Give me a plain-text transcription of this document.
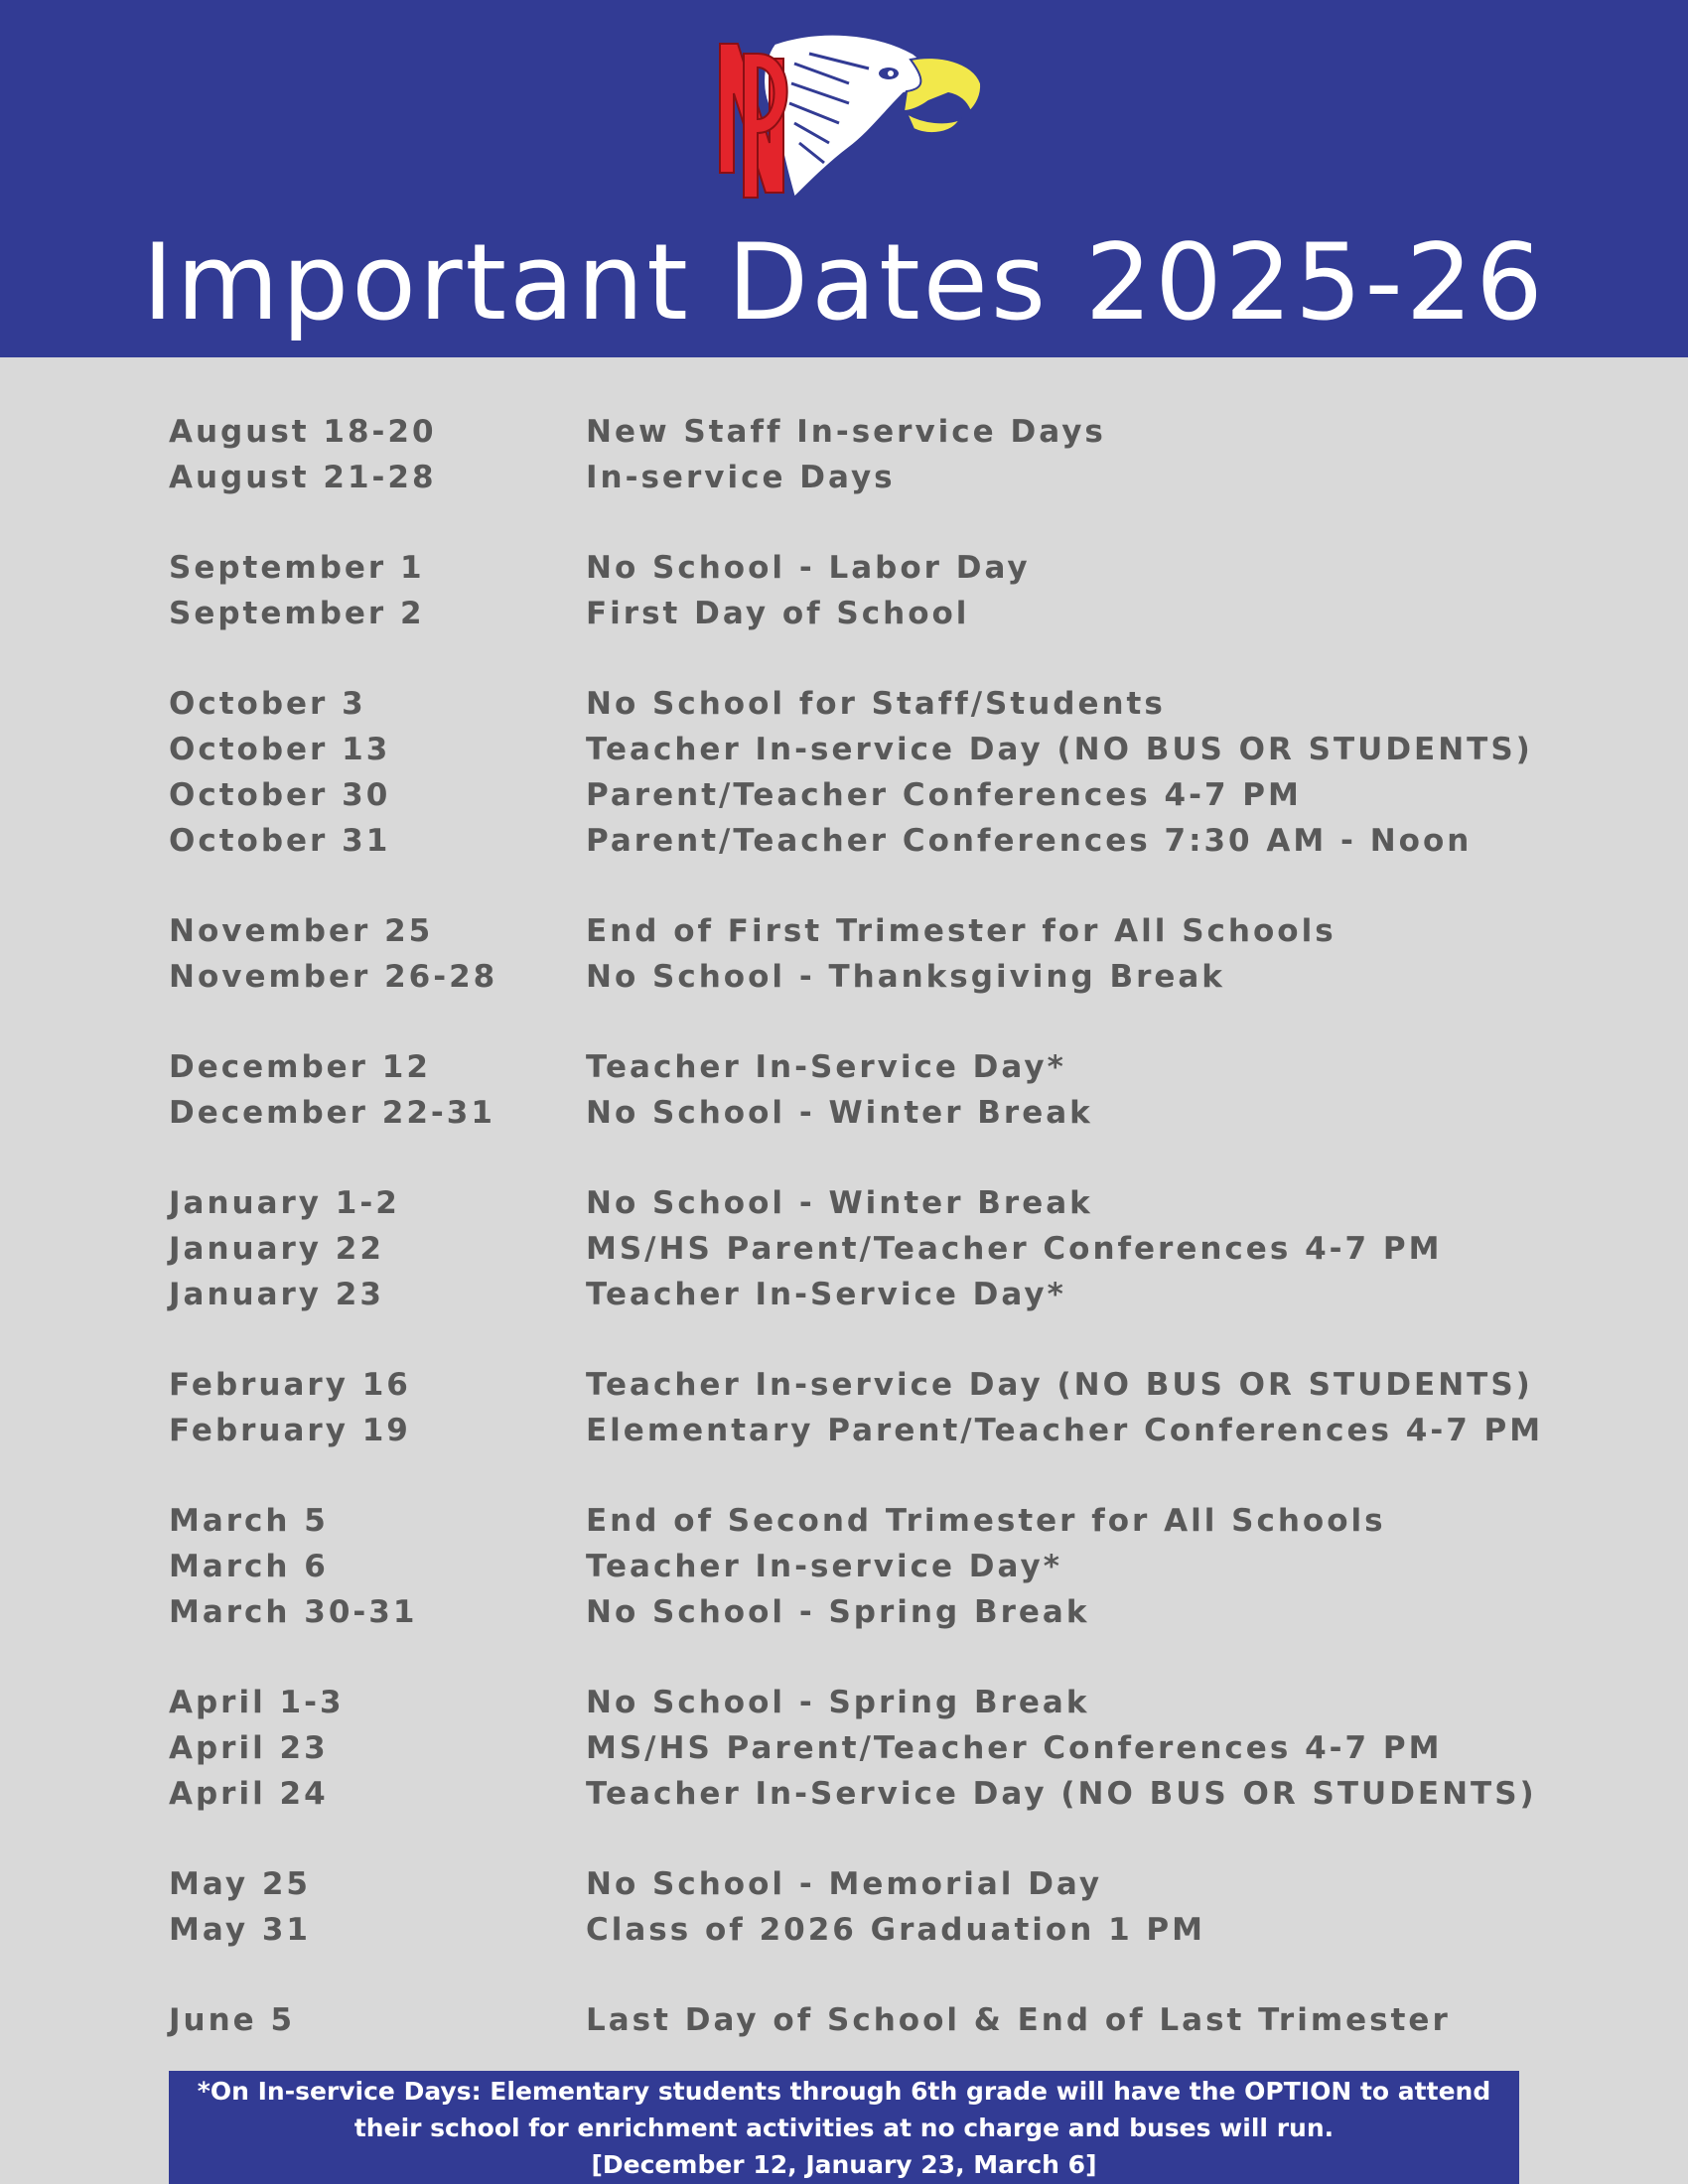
Important Dates 2025-26
August 18-20	New Staff In-service Days
August 21-28	In-service Days
September 1	No School - Labor Day
September 2	First Day of School
October 3	No School for Staff/Students
October 13	Teacher In-service Day (NO BUS OR STUDENTS)
October 30	Parent/Teacher Conferences 4-7 PM
October 31	Parent/Teacher Conferences 7:30 AM - Noon
November 25	End of First Trimester for All Schools
November 26-28	No School - Thanksgiving Break
December 12	Teacher In-Service Day*
December 22-31	No School - Winter Break
January 1-2	No School - Winter Break
January 22	MS/HS Parent/Teacher Conferences 4-7 PM
January 23	Teacher In-Service Day*
February 16	Teacher In-service Day (NO BUS OR STUDENTS)
February 19	Elementary Parent/Teacher Conferences 4-7 PM
March 5	End of Second Trimester for All Schools
March 6	Teacher In-service Day*
March 30-31	No School - Spring Break
April 1-3	No School - Spring Break
April 23	MS/HS Parent/Teacher Conferences 4-7 PM
April 24	Teacher In-Service Day (NO BUS OR STUDENTS)
May 25	No School - Memorial Day
May 31	Class of 2026 Graduation 1 PM
June 5	Last Day of School & End of Last Trimester
*On In-service Days: Elementary students through 6th grade will have the OPTION to attend
their school for enrichment activities at no charge and buses will run.
[December 12, January 23, March 6]
